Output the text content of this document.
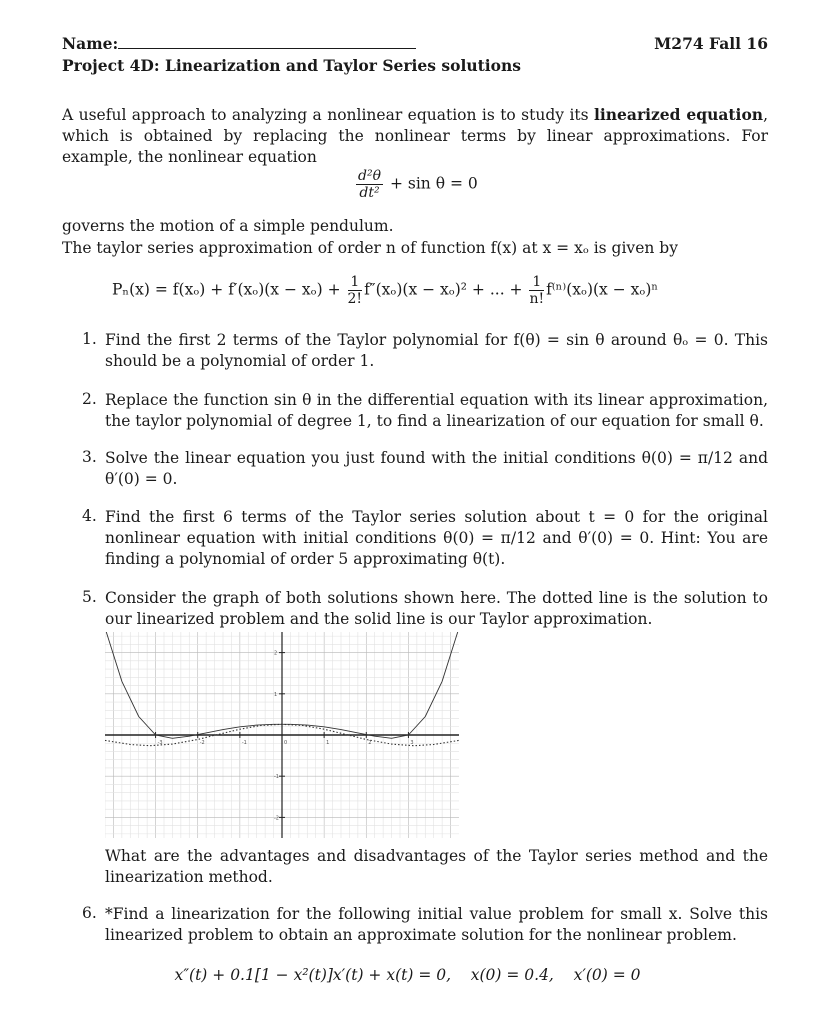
Name:	M274 Fall 16
Project 4D: Linearization and Taylor Series solutions
A useful approach to analyzing a nonlinear equation is to study its linearized equation, which is obtained by replacing the nonlinear terms by linear approximations. For example, the nonlinear equation
$\frac{\text{d²θ}}{\text{dt²}} + \sin \theta = 0$
governs the motion of a simple pendulum.
The taylor series approximation of order n of function f(x) at x = xₒ is given by
$P_n(x) = f(x_o) + f'(x_o)(x - x_o) + \frac{1}{2!} f''(x_o)(x - x_o)^2$ + ... + $\frac{1}{n!} f^{(n)}(x_o)(x - x_o)^n$
1. Find the first 2 terms of the Taylor polynomial for f(θ) = sin θ around θₒ = 0. This should be a polynomial of order 1.
2. Replace the function sin θ in the differential equation with its linear approximation, the taylor polynomial of degree 1, to find a linearization of our equation for small θ.
3. Solve the linear equation you just found with the initial conditions θ(0) = π/12 and θ′(0) = 0.
4. Find the first 6 terms of the Taylor series solution about t = 0 for the original nonlinear equation with initial conditions θ(0) = π/12 and θ′(0) = 0. Hint: You are finding a polynomial of order 5 approximating θ(t).
5. Consider the graph of both solutions shown here. The dotted line is the solution to our linearized problem and the solid line is our Taylor approximation.
-3	-2	-1	0	1	2	3
2
1
-1
-2
What are the advantages and disadvantages of the Taylor series method and the linearization method.
6. *Find a linearization for the following initial value problem for small x. Solve this linearized problem to obtain an approximate solution for the nonlinear problem.
x″(t) + 0.1[1 − x²(t)]x′(t) + x(t) = 0,    x(0) = 0.4,    x′(0) = 0
